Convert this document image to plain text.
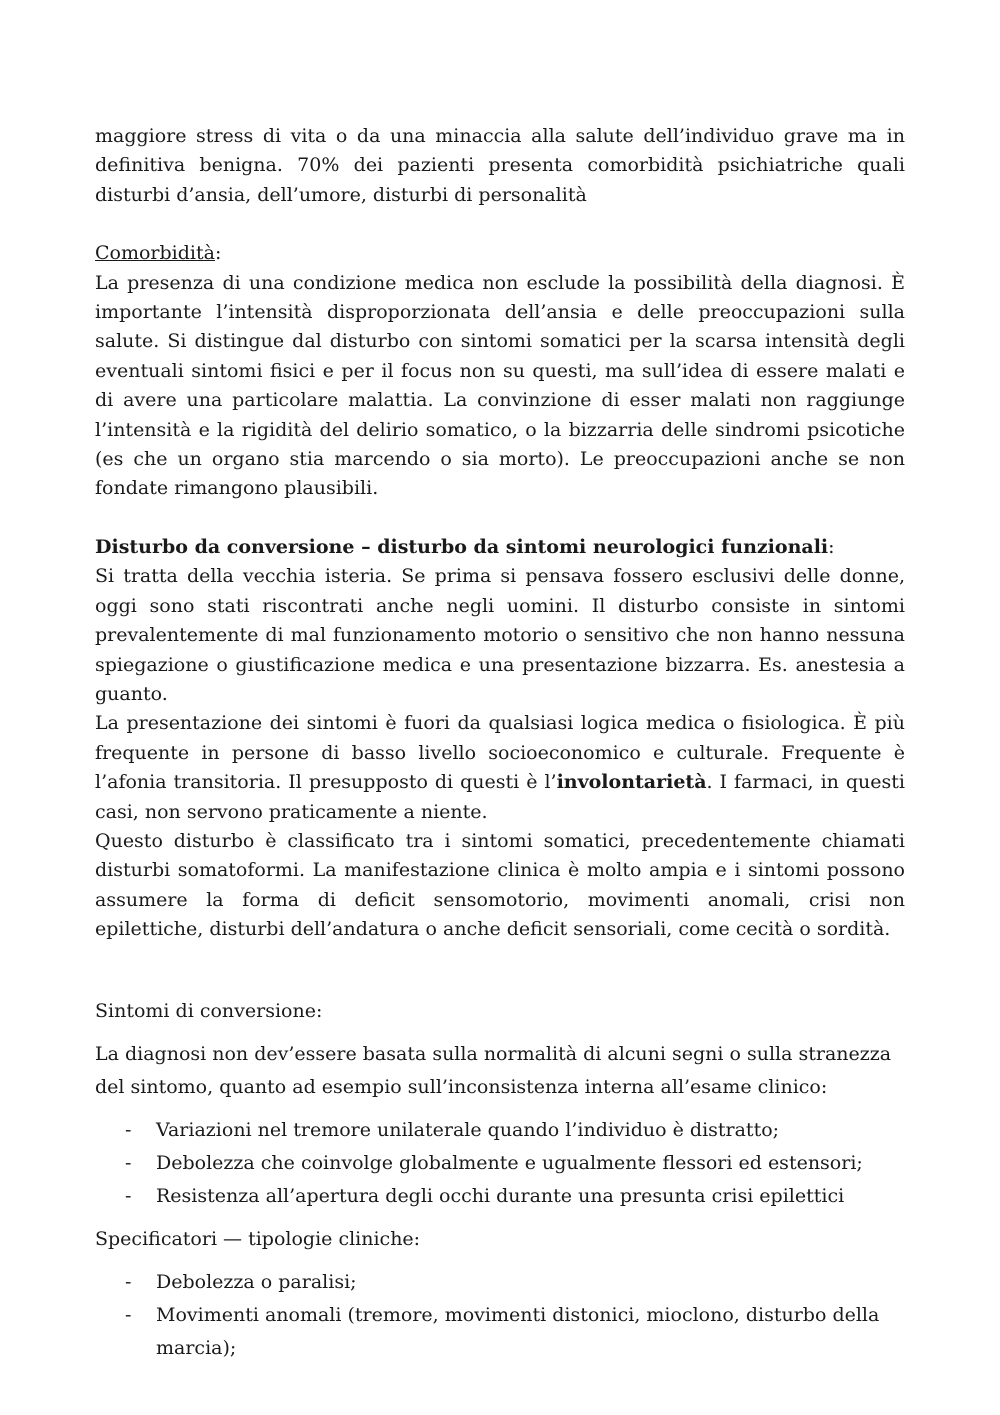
maggiore stress di vita o da una minaccia alla salute dell’individuo grave ma in definitiva benigna. 70% dei pazienti presenta comorbidità psichiatriche quali disturbi d’ansia, dell’umore, disturbi di personalità

Comorbidità:

La presenza di una condizione medica non esclude la possibilità della diagnosi. È importante l’intensità disproporzionata dell’ansia e delle preoccupazioni sulla salute. Si distingue dal disturbo con sintomi somatici per la scarsa intensità degli eventuali sintomi fisici e per il focus non su questi, ma sull’idea di essere malati e di avere una particolare malattia. La convinzione di esser malati non raggiunge l’intensità e la rigidità del delirio somatico, o la bizzarria delle sindromi psicotiche (es che un organo stia marcendo o sia morto). Le preoccupazioni anche se non fondate rimangono plausibili.

Disturbo da conversione – disturbo da sintomi neurologici funzionali:

Si tratta della vecchia isteria. Se prima si pensava fossero esclusivi delle donne, oggi sono stati riscontrati anche negli uomini. Il disturbo consiste in sintomi prevalentemente di mal funzionamento motorio o sensitivo che non hanno nessuna spiegazione o giustificazione medica e una presentazione bizzarra. Es. anestesia a guanto.

La presentazione dei sintomi è fuori da qualsiasi logica medica o fisiologica. È più frequente in persone di basso livello socioeconomico e culturale. Frequente è l’afonia transitoria. Il presupposto di questi è l’involontarietà. I farmaci, in questi casi, non servono praticamente a niente.

Questo disturbo è classificato tra i sintomi somatici, precedentemente chiamati disturbi somatoformi. La manifestazione clinica è molto ampia e i sintomi possono assumere la forma di deficit sensomotorio, movimenti anomali, crisi non epilettiche, disturbi dell’andatura o anche deficit sensoriali, come cecità o sordità.

Sintomi di conversione:

La diagnosi non dev’essere basata sulla normalità di alcuni segni o sulla stranezza del sintomo, quanto ad esempio sull’inconsistenza interna all’esame clinico:

- Variazioni nel tremore unilaterale quando l’individuo è distratto;
- Debolezza che coinvolge globalmente e ugualmente flessori ed estensori;
- Resistenza all’apertura degli occhi durante una presunta crisi epilettici

Specificatori — tipologie cliniche:

- Debolezza o paralisi;
- Movimenti anomali (tremore, movimenti distonici, mioclono, disturbo della marcia);
